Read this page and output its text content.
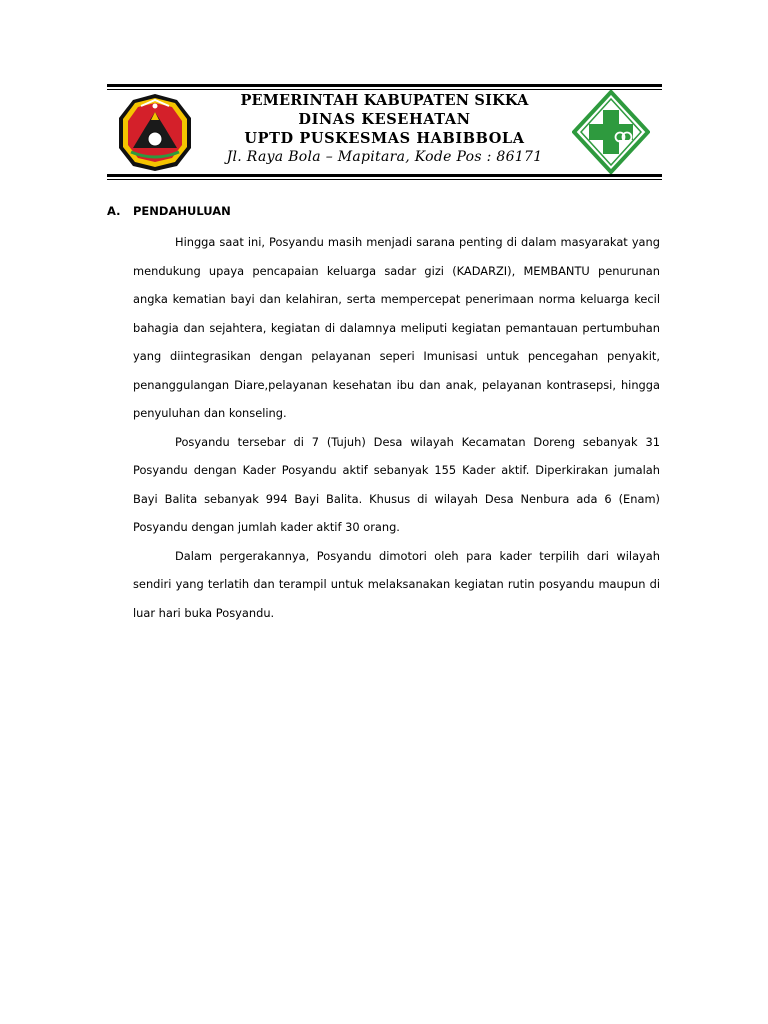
PEMERINTAH KABUPATEN SIKKA
DINAS KESEHATAN
UPTD PUSKESMAS HABIBBOLA
Jl. Raya Bola – Mapitara, Kode Pos : 86171
A. PENDAHULUAN

Hingga saat ini, Posyandu masih menjadi sarana penting di dalam masyarakat yang mendukung upaya pencapaian keluarga sadar gizi (KADARZI), MEMBANTU penurunan angka kematian bayi dan kelahiran, serta mempercepat penerimaan norma keluarga kecil bahagia dan sejahtera, kegiatan di dalamnya meliputi kegiatan pemantauan pertumbuhan yang diintegrasikan dengan pelayanan seperi Imunisasi untuk pencegahan penyakit, penanggulangan Diare,pelayanan kesehatan ibu dan anak, pelayanan kontrasepsi, hingga penyuluhan dan konseling.

Posyandu tersebar di 7 (Tujuh) Desa wilayah Kecamatan Doreng sebanyak 31 Posyandu dengan Kader Posyandu aktif sebanyak 155 Kader aktif. Diperkirakan jumalah Bayi Balita sebanyak 994 Bayi Balita. Khusus di wilayah Desa Nenbura ada 6 (Enam) Posyandu dengan jumlah kader aktif 30 orang.

Dalam pergerakannya, Posyandu dimotori oleh para kader terpilih dari wilayah sendiri yang terlatih dan terampil untuk melaksanakan kegiatan rutin posyandu maupun di luar hari buka Posyandu.
